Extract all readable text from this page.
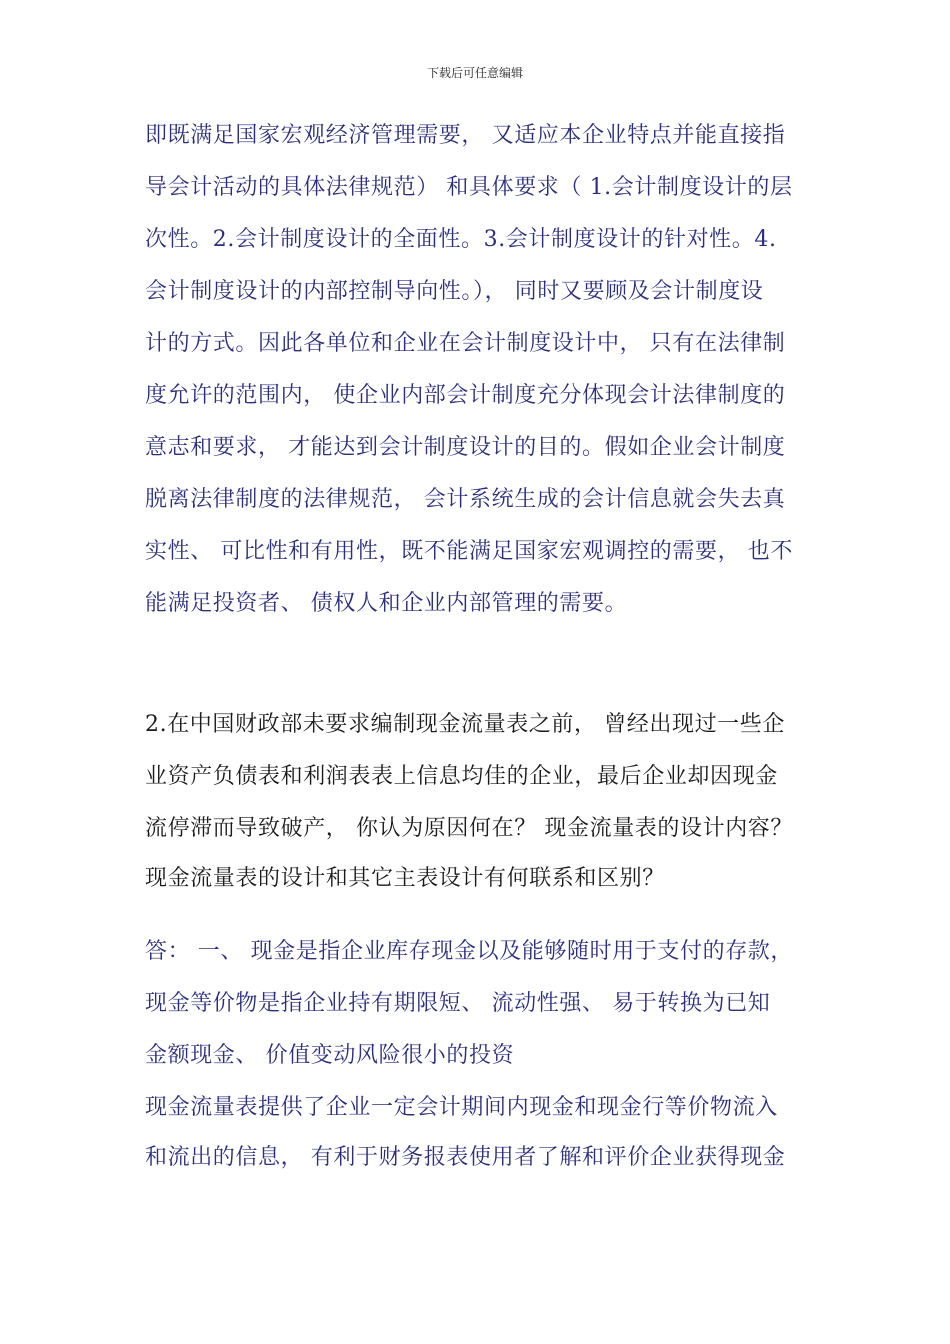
下载后可任意编辑
即既满足国家宏观经济管理需要， 又适应本企业特点并能直接指
导会计活动的具体法律规范） 和具体要求（ 1.会计制度设计的层
次性。2.会计制度设计的全面性。3.会计制度设计的针对性。4.
会计制度设计的内部控制导向性。）， 同时又要顾及会计制度设
计的方式。因此各单位和企业在会计制度设计中， 只有在法律制
度允许的范围内， 使企业内部会计制度充分体现会计法律制度的
意志和要求， 才能达到会计制度设计的目的。假如企业会计制度
脱离法律制度的法律规范， 会计系统生成的会计信息就会失去真
实性、 可比性和有用性，既不能满足国家宏观调控的需要， 也不
能满足投资者、 债权人和企业内部管理的需要。
2.在中国财政部未要求编制现金流量表之前， 曾经出现过一些企
业资产负债表和利润表表上信息均佳的企业，最后企业却因现金
流停滞而导致破产， 你认为原因何在？ 现金流量表的设计内容？
现金流量表的设计和其它主表设计有何联系和区别？
答： 一、 现金是指企业库存现金以及能够随时用于支付的存款，
现金等价物是指企业持有期限短、 流动性强、 易于转换为已知
金额现金、 价值变动风险很小的投资
现金流量表提供了企业一定会计期间内现金和现金行等价物流入
和流出的信息， 有利于财务报表使用者了解和评价企业获得现金
